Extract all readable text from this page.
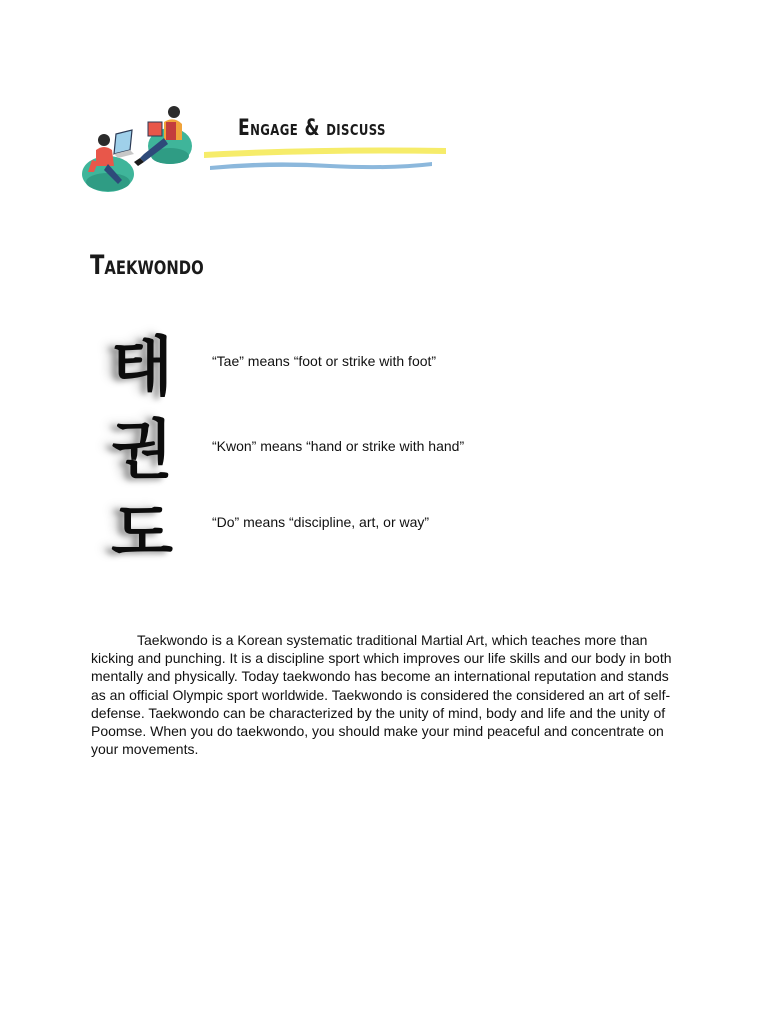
Engage & discuss
Taekwondo
태
권
도
“Tae” means “foot or strike with foot”
“Kwon” means “hand or strike with hand”
“Do” means “discipline, art, or way”

Taekwondo is a Korean systematic traditional Martial Art, which teaches more than kicking and punching. It is a discipline sport which improves our life skills and our body in both mentally and physically. Today taekwondo has become an international reputation and stands as an official Olympic sport worldwide. Taekwondo is considered the considered an art of self- defense. Taekwondo can be characterized by the unity of mind, body and life and the unity of Poomse. When you do taekwondo, you should make your mind peaceful and concentrate on your movements.
